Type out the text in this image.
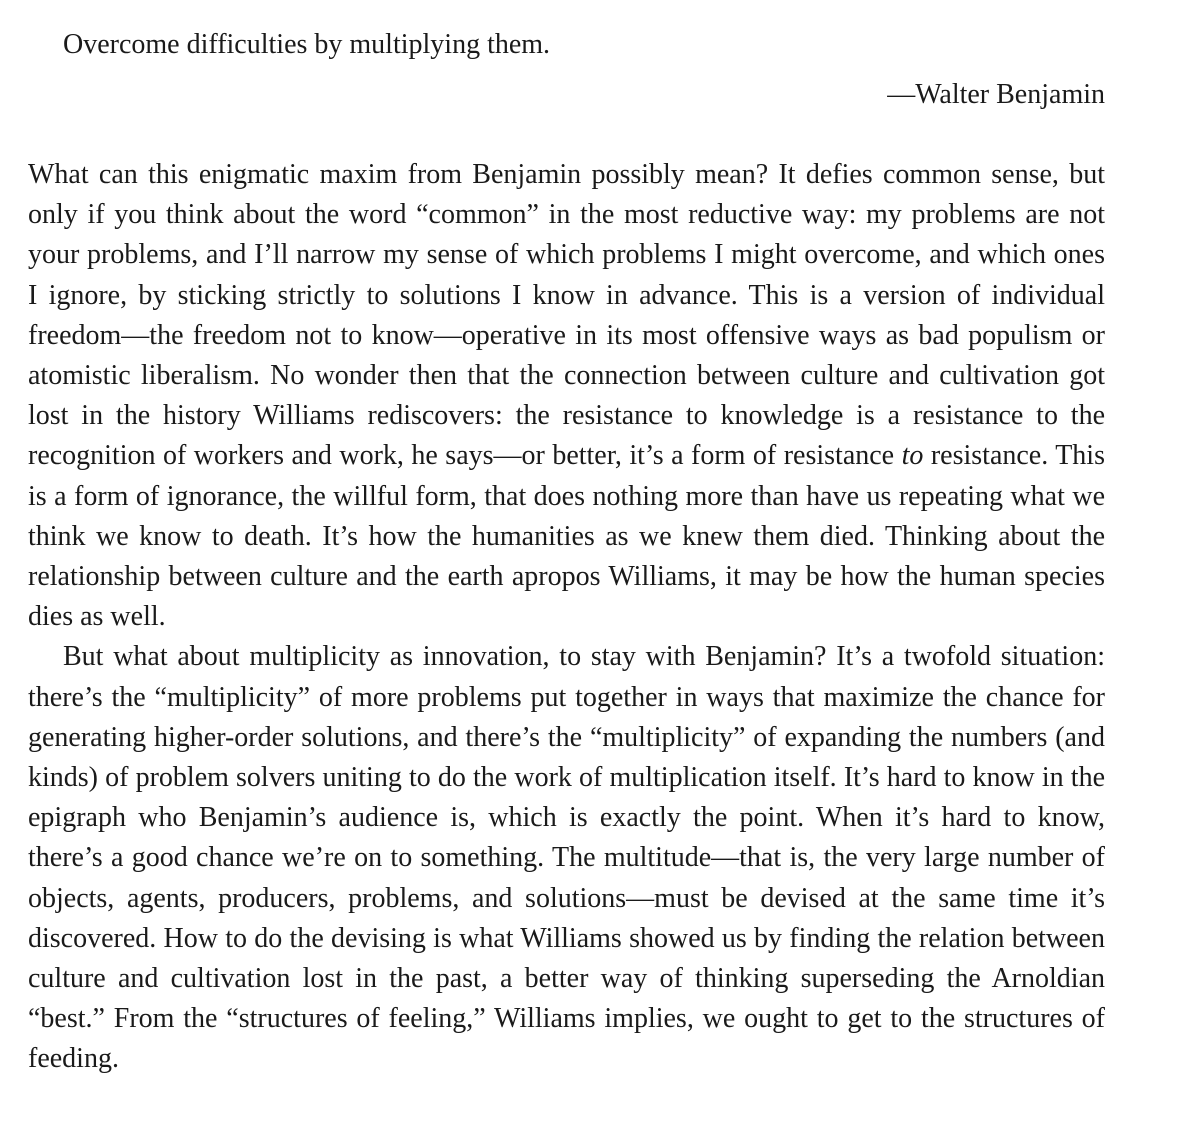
Overcome difficulties by multiplying them.
—Walter Benjamin

What can this enigmatic maxim from Benjamin possibly mean? It defies common sense, but only if you think about the word “common” in the most reductive way: my problems are not your problems, and I’ll narrow my sense of which problems I might overcome, and which ones I ignore, by sticking strictly to solutions I know in advance. This is a version of individual freedom—the freedom not to know—operative in its most offensive ways as bad populism or atomistic liberalism. No wonder then that the connection between culture and cultivation got lost in the history Williams rediscovers: the resistance to knowledge is a resistance to the recognition of workers and work, he says—or better, it’s a form of resistance to resistance. This is a form of ignorance, the willful form, that does nothing more than have us repeating what we think we know to death. It’s how the humanities as we knew them died. Thinking about the relationship between culture and the earth apropos Williams, it may be how the human species dies as well.

But what about multiplicity as innovation, to stay with Benjamin? It’s a twofold situation: there’s the “multiplicity” of more problems put together in ways that maximize the chance for generating higher-order solutions, and there’s the “multiplicity” of expanding the numbers (and kinds) of problem solvers uniting to do the work of multiplication itself. It’s hard to know in the epigraph who Benjamin’s audience is, which is exactly the point. When it’s hard to know, there’s a good chance we’re on to something. The multitude—that is, the very large number of objects, agents, producers, problems, and solutions—must be devised at the same time it’s discovered. How to do the devising is what Williams showed us by finding the relation between culture and cultivation lost in the past, a better way of thinking superseding the Arnoldian “best.” From the “structures of feeling,” Williams implies, we ought to get to the structures of feeding.
